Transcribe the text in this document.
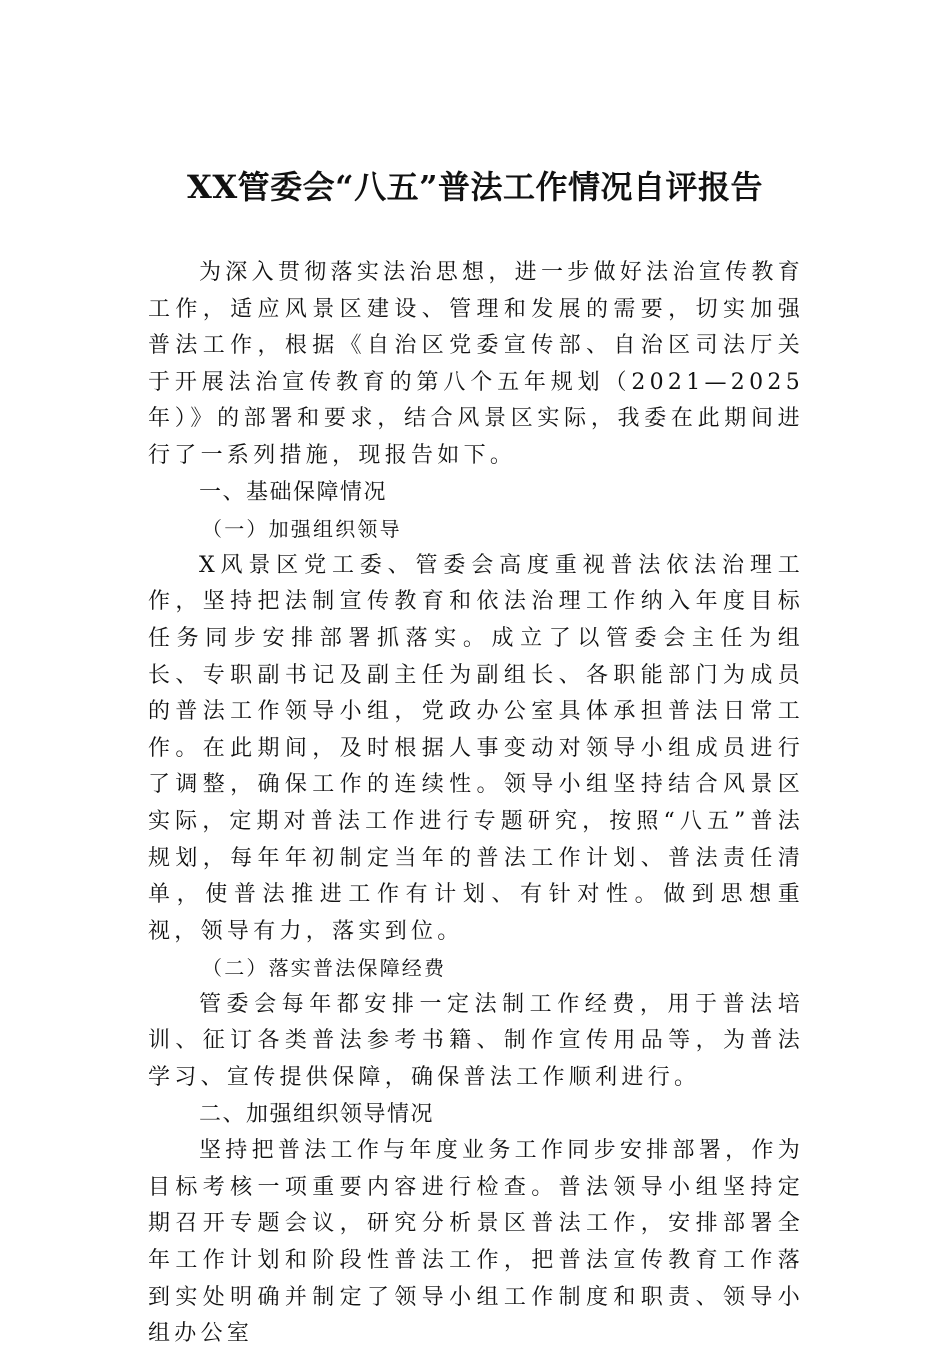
XX管委会“八五”普法工作情况自评报告

为深入贯彻落实法治思想，进一步做好法治宣传教育工作，适应风景区建设、管理和发展的需要，切实加强普法工作，根据《自治区党委宣传部、自治区司法厅关于开展法治宣传教育的第八个五年规划（2021—2025年）》的部署和要求，结合风景区实际，我委在此期间进行了一系列措施，现报告如下。

一、基础保障情况

（一）加强组织领导

X风景区党工委、管委会高度重视普法依法治理工作，坚持把法制宣传教育和依法治理工作纳入年度目标任务同步安排部署抓落实。成立了以管委会主任为组长、专职副书记及副主任为副组长、各职能部门为成员的普法工作领导小组，党政办公室具体承担普法日常工作。在此期间，及时根据人事变动对领导小组成员进行了调整，确保工作的连续性。领导小组坚持结合风景区实际，定期对普法工作进行专题研究，按照“八五”普法规划，每年年初制定当年的普法工作计划、普法责任清单，使普法推进工作有计划、有针对性。做到思想重视，领导有力，落实到位。

（二）落实普法保障经费

管委会每年都安排一定法制工作经费，用于普法培训、征订各类普法参考书籍、制作宣传用品等，为普法学习、宣传提供保障，确保普法工作顺利进行。

二、加强组织领导情况

坚持把普法工作与年度业务工作同步安排部署，作为目标考核一项重要内容进行检查。普法领导小组坚持定期召开专题会议，研究分析景区普法工作，安排部署全年工作计划和阶段性普法工作，把普法宣传教育工作落到实处明确并制定了领导小组工作制度和职责、领导小组办公室
